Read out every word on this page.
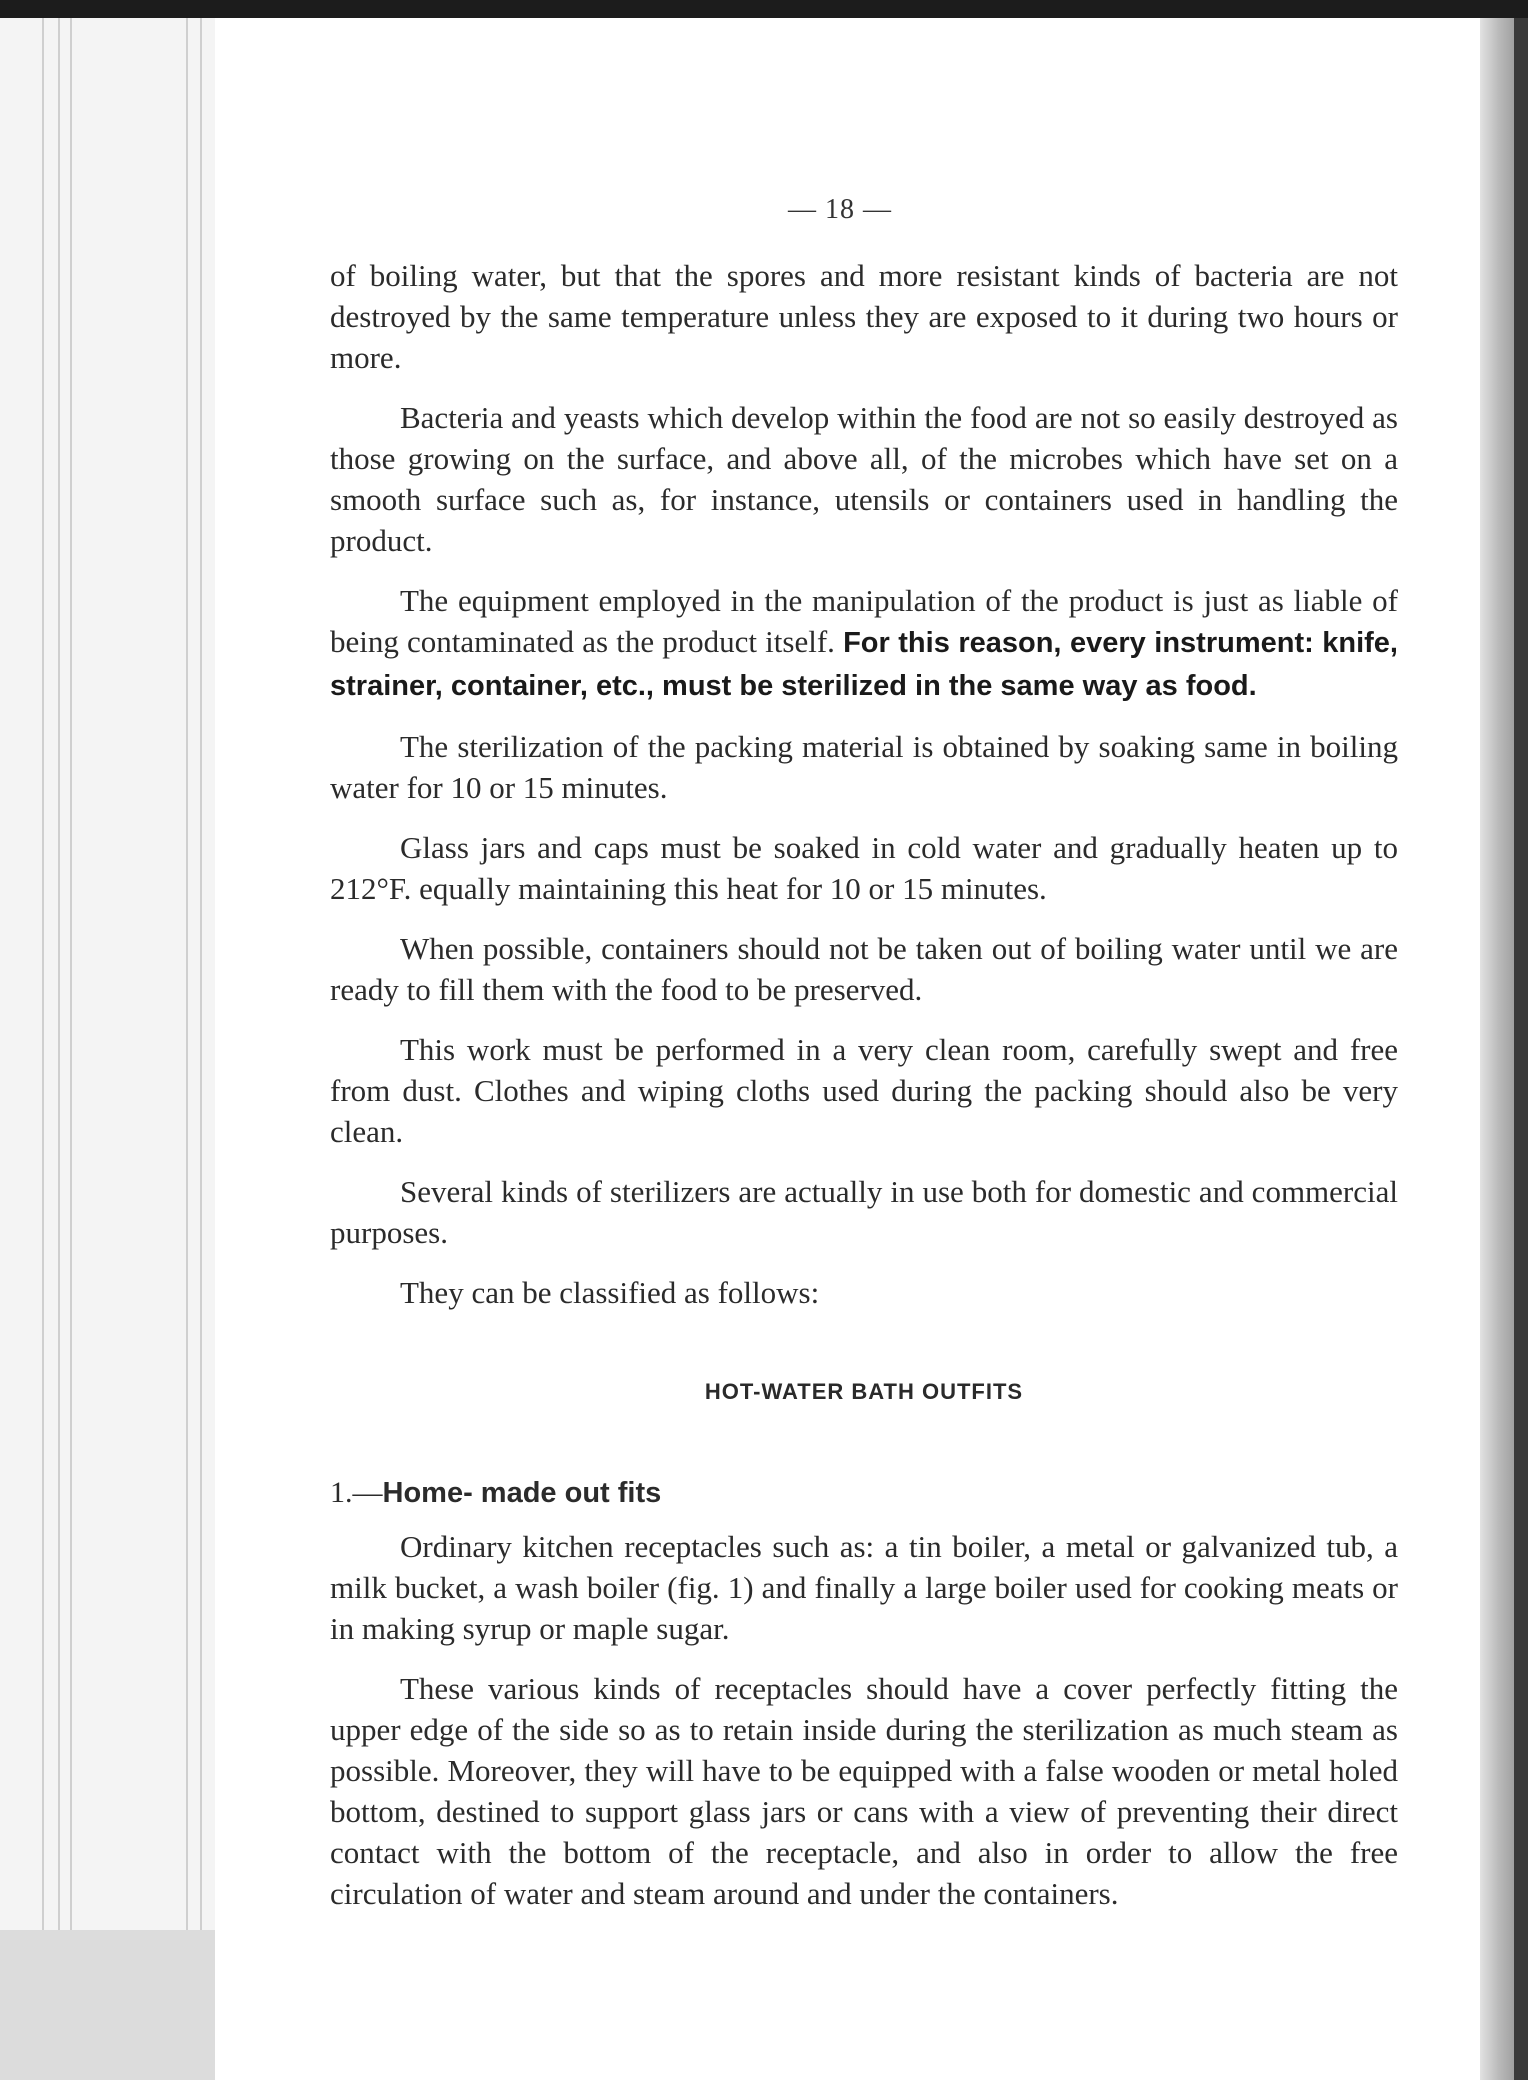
— 18 —

of boiling water, but that the spores and more resistant kinds of bacteria are not destroyed by the same temperature unless they are exposed to it during two hours or more.

Bacteria and yeasts which develop within the food are not so easily destroyed as those growing on the surface, and above all, of the microbes which have set on a smooth surface such as, for instance, utensils or containers used in handling the product.

The equipment employed in the manipulation of the product is just as liable of being contaminated as the product itself. For this reason, every instrument: knife, strainer, container, etc., must be sterilized in the same way as food.

The sterilization of the packing material is obtained by soaking same in boiling water for 10 or 15 minutes.

Glass jars and caps must be soaked in cold water and gradually heaten up to 212°F. equally maintaining this heat for 10 or 15 minutes.

When possible, containers should not be taken out of boiling water until we are ready to fill them with the food to be preserved.

This work must be performed in a very clean room, carefully swept and free from dust. Clothes and wiping cloths used during the packing should also be very clean.

Several kinds of sterilizers are actually in use both for domestic and commercial purposes.

They can be classified as follows:

HOT-WATER BATH OUTFITS
1.—Home- made out fits

Ordinary kitchen receptacles such as: a tin boiler, a metal or galvanized tub, a milk bucket, a wash boiler (fig. 1) and finally a large boiler used for cooking meats or in making syrup or maple sugar.

These various kinds of receptacles should have a cover perfectly fitting the upper edge of the side so as to retain inside during the sterilization as much steam as possible. Moreover, they will have to be equipped with a false wooden or metal holed bottom, destined to support glass jars or cans with a view of preventing their direct contact with the bottom of the receptacle, and also in order to allow the free circulation of water and steam around and under the containers.
